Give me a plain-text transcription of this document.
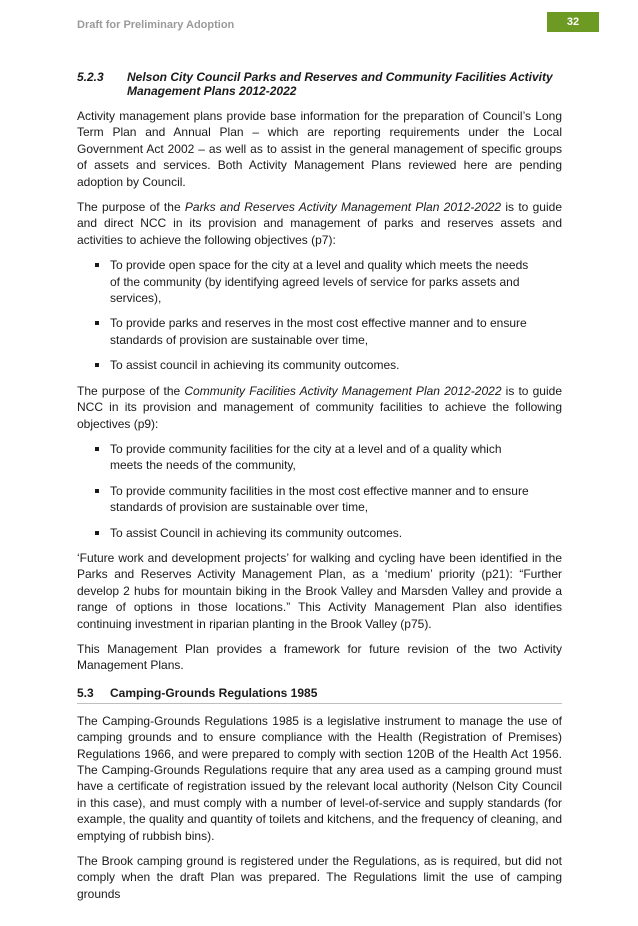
Draft for Preliminary Adoption	32
5.2.3	Nelson City Council Parks and Reserves and Community Facilities Activity Management Plans 2012-2022

Activity management plans provide base information for the preparation of Council’s Long Term Plan and Annual Plan – which are reporting requirements under the Local Government Act 2002 – as well as to assist in the general management of specific groups of assets and services. Both Activity Management Plans reviewed here are pending adoption by Council.

The purpose of the Parks and Reserves Activity Management Plan 2012-2022 is to guide and direct NCC in its provision and management of parks and reserves assets and activities to achieve the following objectives (p7):

To provide open space for the city at a level and quality which meets the needs of the community (by identifying agreed levels of service for parks assets and services),
To provide parks and reserves in the most cost effective manner and to ensure standards of provision are sustainable over time,
To assist council in achieving its community outcomes.

The purpose of the Community Facilities Activity Management Plan 2012-2022 is to guide NCC in its provision and management of community facilities to achieve the following objectives (p9):

To provide community facilities for the city at a level and of a quality which meets the needs of the community,
To provide community facilities in the most cost effective manner and to ensure standards of provision are sustainable over time,
To assist Council in achieving its community outcomes.

‘Future work and development projects’ for walking and cycling have been identified in the Parks and Reserves Activity Management Plan, as a ‘medium’ priority (p21): “Further develop 2 hubs for mountain biking in the Brook Valley and Marsden Valley and provide a range of options in those locations.” This Activity Management Plan also identifies continuing investment in riparian planting in the Brook Valley (p75).

This Management Plan provides a framework for future revision of the two Activity Management Plans.

5.3	Camping-Grounds Regulations 1985

The Camping-Grounds Regulations 1985 is a legislative instrument to manage the use of camping grounds and to ensure compliance with the Health (Registration of Premises) Regulations 1966, and were prepared to comply with section 120B of the Health Act 1956. The Camping-Grounds Regulations require that any area used as a camping ground must have a certificate of registration issued by the relevant local authority (Nelson City Council in this case), and must comply with a number of level-of-service and supply standards (for example, the quality and quantity of toilets and kitchens, and the frequency of cleaning, and emptying of rubbish bins).

The Brook camping ground is registered under the Regulations, as is required, but did not comply when the draft Plan was prepared. The Regulations limit the use of camping grounds
